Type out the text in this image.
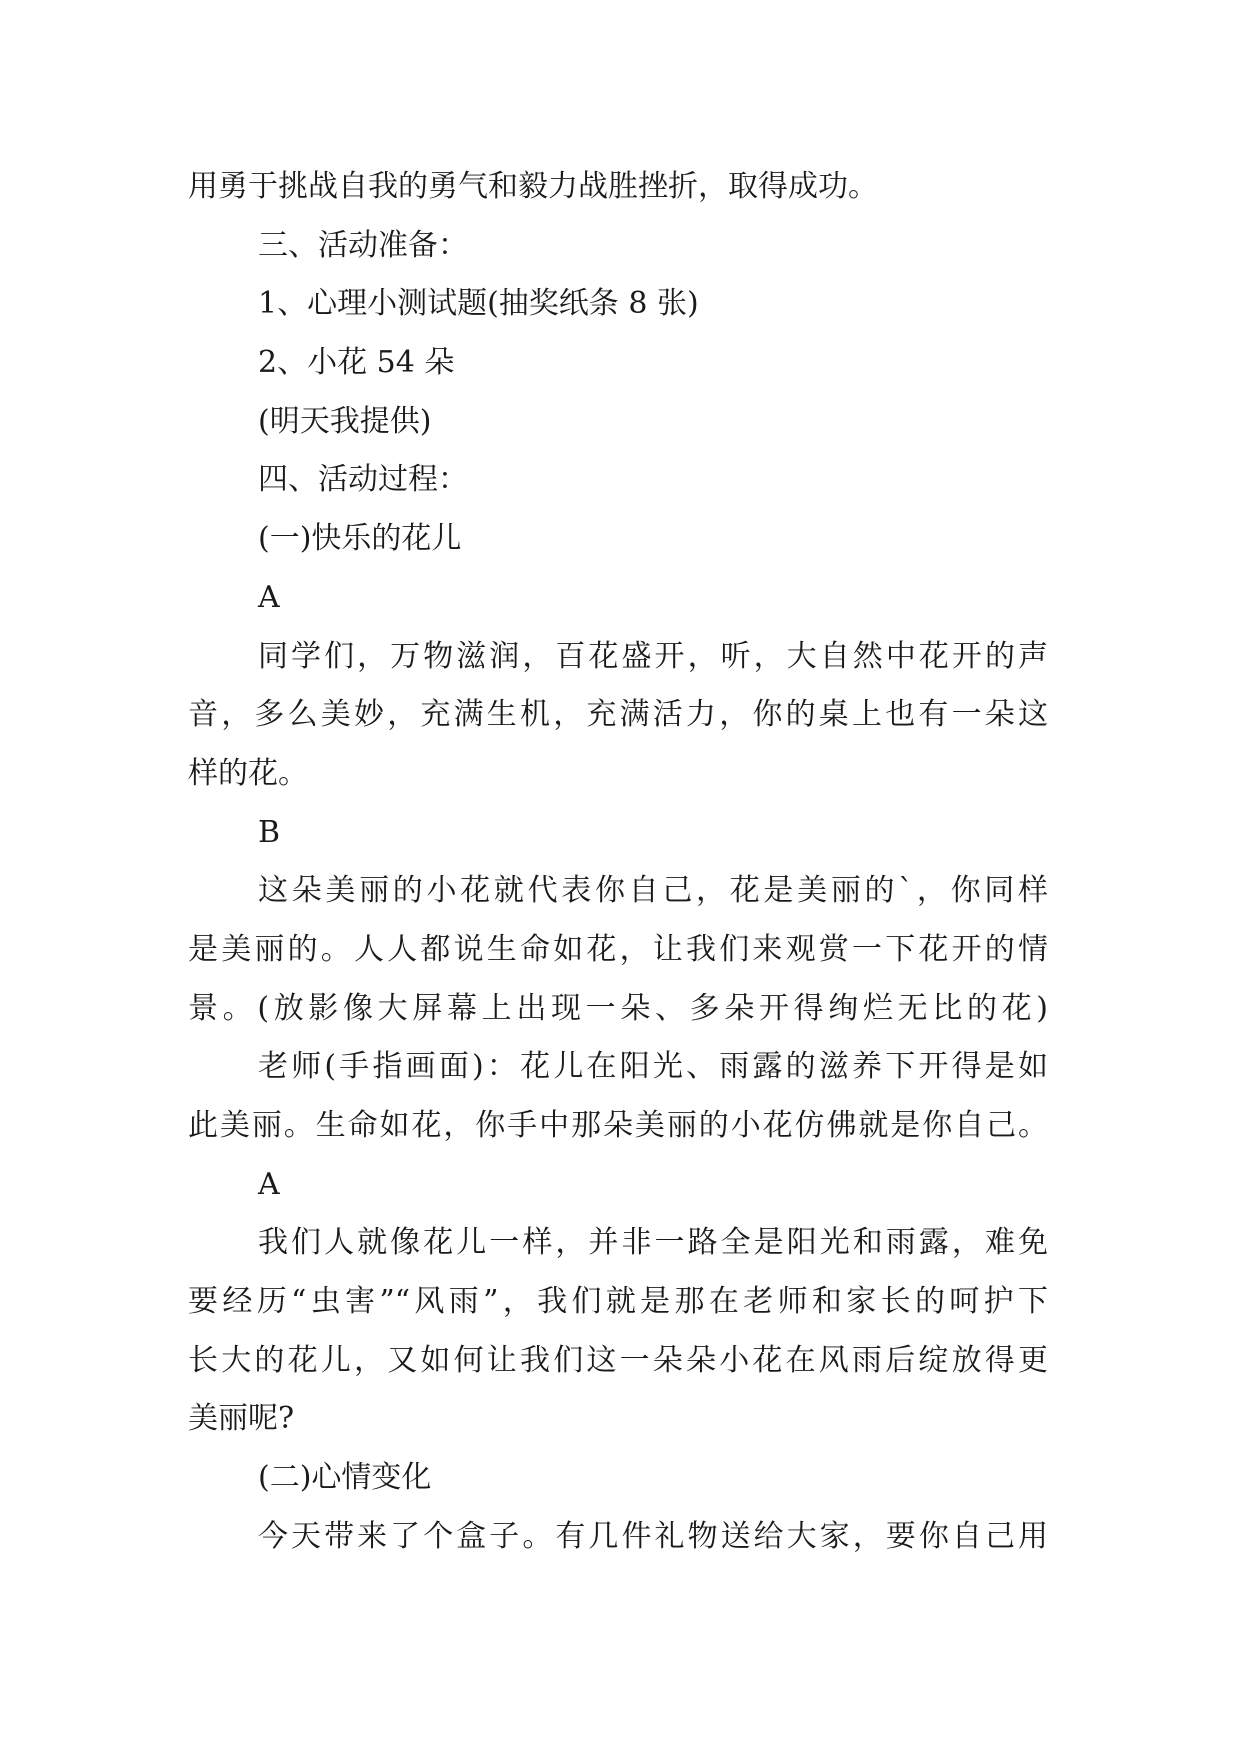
用勇于挑战自我的勇气和毅力战胜挫折，取得成功。
三、活动准备：
1、心理小测试题(抽奖纸条 8 张)
2、小花 54 朵
(明天我提供)
四、活动过程：
(一)快乐的花儿
A
同学们，万物滋润，百花盛开，听，大自然中花开的声
音，多么美妙，充满生机，充满活力，你的桌上也有一朵这
样的花。
B
这朵美丽的小花就代表你自己，花是美丽的`，你同样
是美丽的。人人都说生命如花，让我们来观赏一下花开的情
景。(放影像大屏幕上出现一朵、多朵开得绚烂无比的花)
老师(手指画面)：花儿在阳光、雨露的滋养下开得是如
此美丽。生命如花，你手中那朵美丽的小花仿佛就是你自己。
A
我们人就像花儿一样，并非一路全是阳光和雨露，难免
要经历“虫害”“风雨”，我们就是那在老师和家长的呵护下
长大的花儿，又如何让我们这一朵朵小花在风雨后绽放得更
美丽呢?
(二)心情变化
今天带来了个盒子。有几件礼物送给大家，要你自己用
